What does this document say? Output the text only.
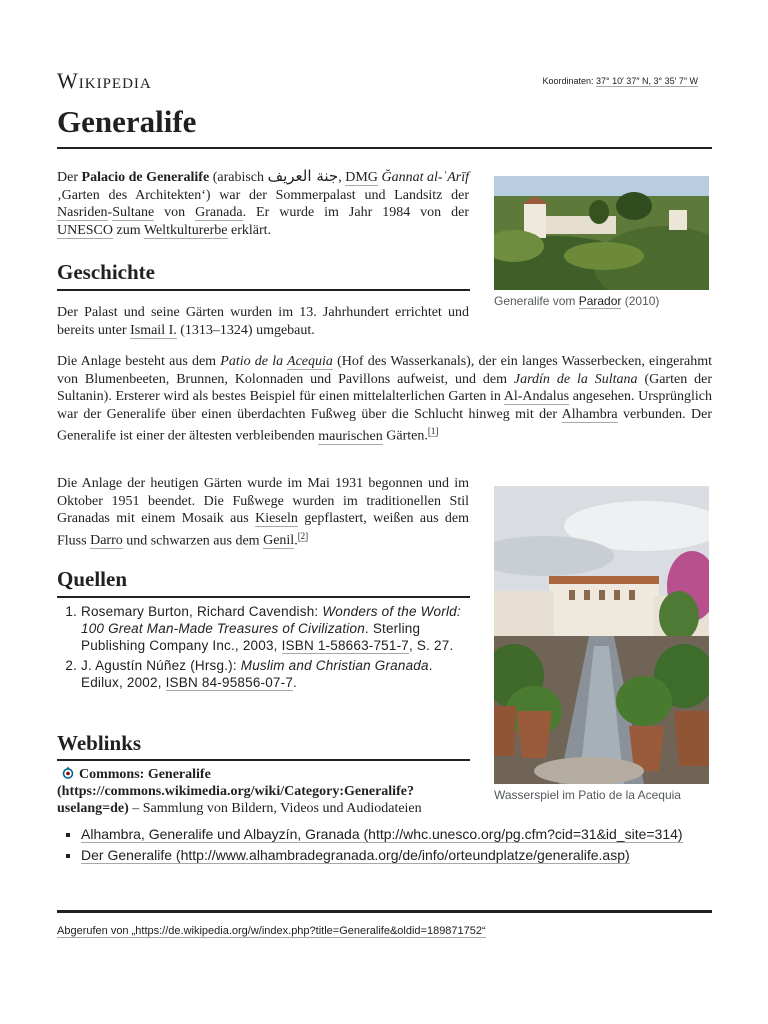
Wikipedia	Koordinaten: 37° 10′ 37″ N, 3° 35′ 7″ W
Generalife

Der Palacio de Generalife (arabisch جنة العريف, DMG Ğannat al-ʿArīf ‚Garten des Architekten‘) war der Sommerpalast und Landsitz der Nasriden-Sultane von Granada. Er wurde im Jahr 1984 von der UNESCO zum Weltkulturerbe erklärt.

Generalife vom Parador (2010)
Geschichte

Der Palast und seine Gärten wurden im 13. Jahrhundert errichtet und bereits unter Ismail I. (1313–1324) umgebaut.

Die Anlage besteht aus dem Patio de la Acequia (Hof des Wasserkanals), der ein langes Wasserbecken, eingerahmt von Blumenbeeten, Brunnen, Kolonnaden und Pavillons aufweist, und dem Jardín de la Sultana (Garten der Sultanin). Ersterer wird als bestes Beispiel für einen mittelalterlichen Garten in Al-Andalus angesehen. Ursprünglich war der Generalife über einen überdachten Fußweg über die Schlucht hinweg mit der Alhambra verbunden. Der Generalife ist einer der ältesten verbleibenden maurischen Gärten.[1]

Die Anlage der heutigen Gärten wurde im Mai 1931 begonnen und im Oktober 1951 beendet. Die Fußwege wurden im traditionellen Stil Granadas mit einem Mosaik aus Kieseln gepflastert, weißen aus dem Fluss Darro und schwarzen aus dem Genil.[2]

Wasserspiel im Patio de la Acequia
Quellen
1. Rosemary Burton, Richard Cavendish: Wonders of the World: 100 Great Man-Made Treasures of Civilization. Sterling Publishing Company Inc., 2003, ISBN 1-58663-751-7, S. 27.
2. J. Agustín Núñez (Hrsg.): Muslim and Christian Granada. Edilux, 2002, ISBN 84-95856-07-7.
Weblinks
Commons: Generalife (https://commons.wikimedia.org/wiki/Category:Generalife?uselang=de) – Sammlung von Bildern, Videos und Audiodateien
▪ Alhambra, Generalife und Albayzín, Granada (http://whc.unesco.org/pg.cfm?cid=31&id_site=314)
▪ Der Generalife (http://www.alhambradegranada.org/de/info/orteundplatze/generalife.asp)
Abgerufen von „https://de.wikipedia.org/w/index.php?title=Generalife&oldid=189871752“
